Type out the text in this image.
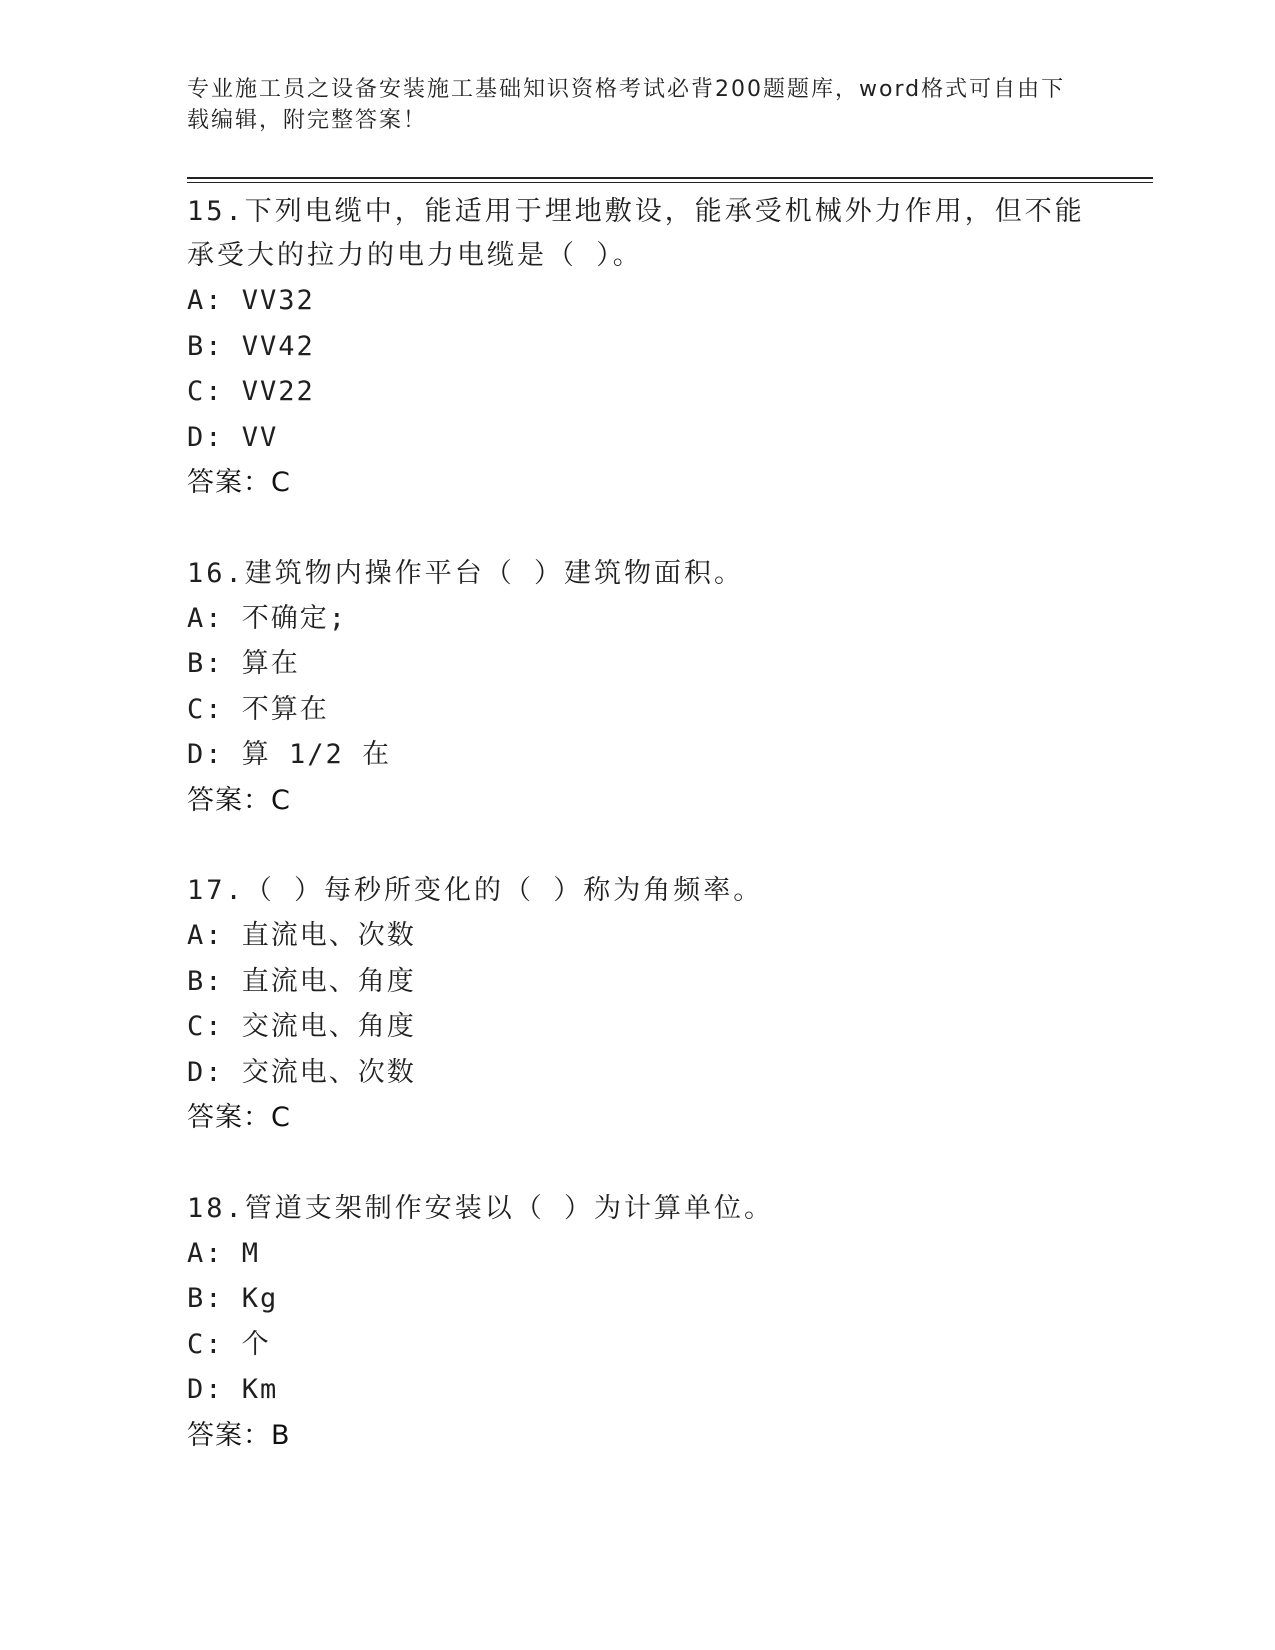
专业施工员之设备安装施工基础知识资格考试必背200题题库，word格式可自由下载编辑，附完整答案！

15.下列电缆中，能适用于埋地敷设，能承受机械外力作用，但不能承受大的拉力的电力电缆是（ ）。

A: VV32

B: VV42

C: VV22

D: VV

答案：C

16.建筑物内操作平台（ ）建筑物面积。

A: 不确定;

B: 算在

C: 不算在

D: 算 1/2 在

答案：C

17.（ ）每秒所变化的（ ）称为角频率。

A: 直流电、次数

B: 直流电、角度

C: 交流电、角度

D: 交流电、次数

答案：C

18.管道支架制作安装以（ ）为计算单位。

A: M

B: Kg

C: 个

D: Km

答案：B
